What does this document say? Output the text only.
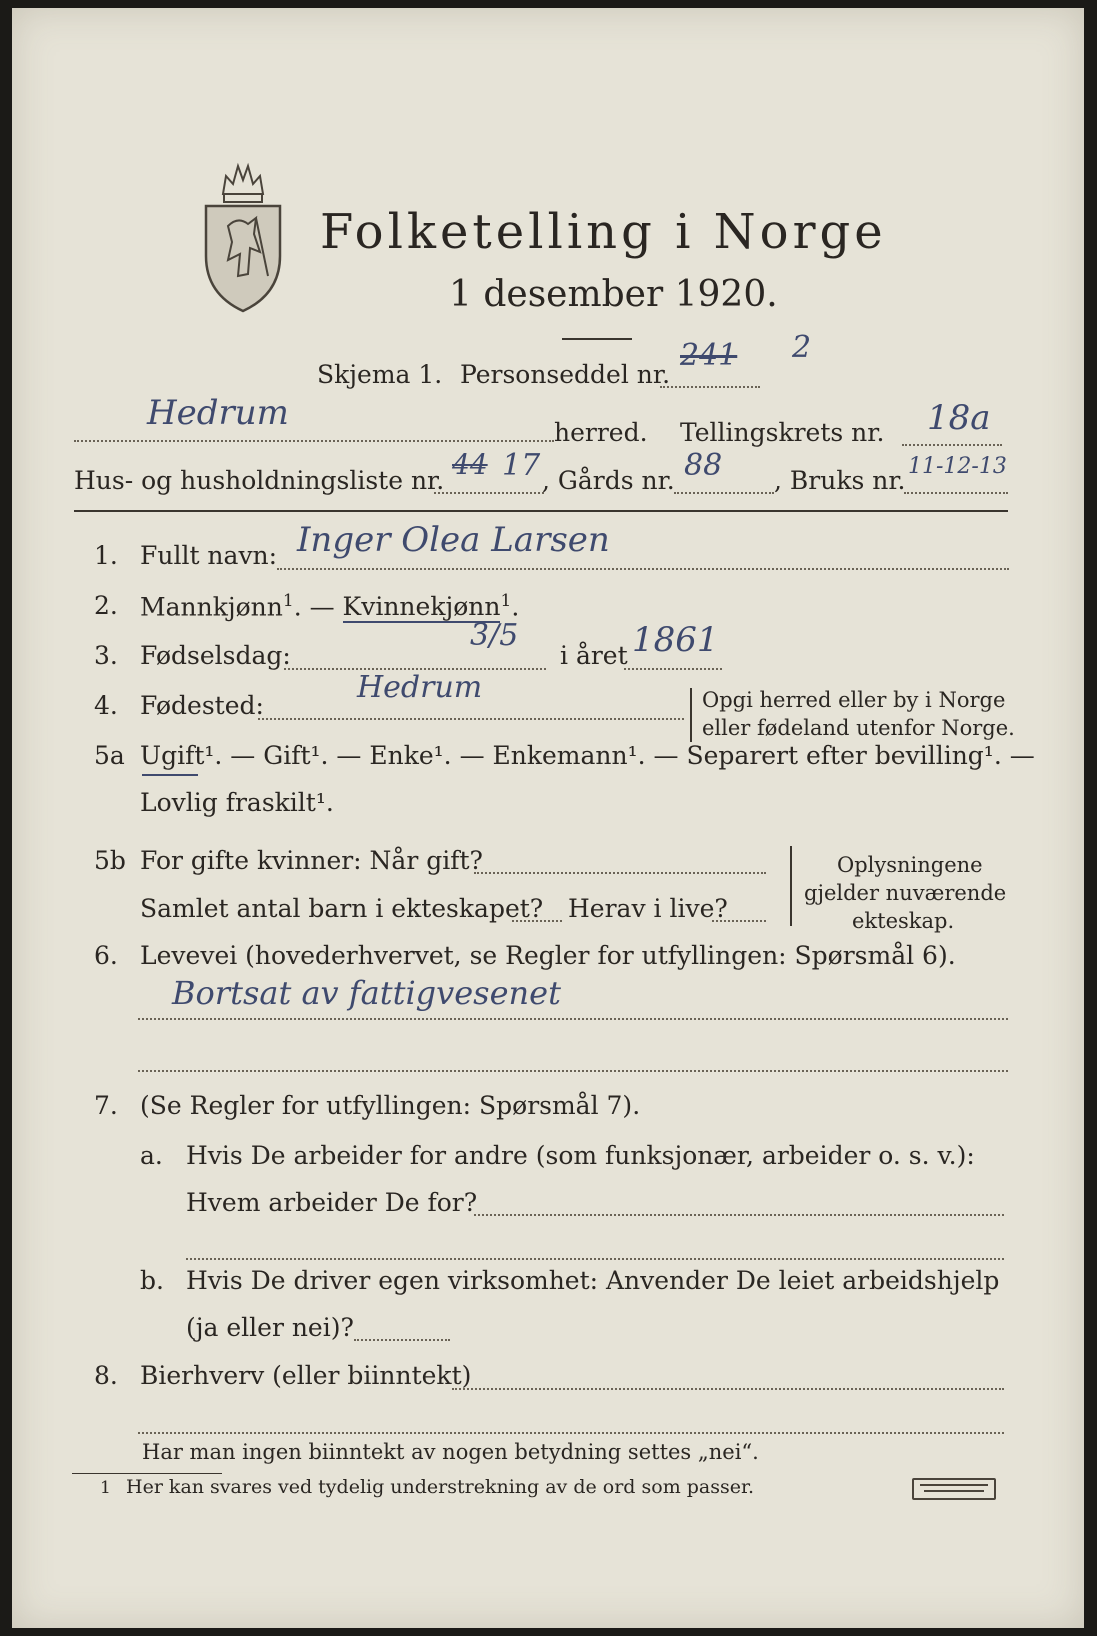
Folketelling i Norge
1 desember 1920.
Skjema 1. Personseddel nr.
241 2
Hedrum	herred. Tellingskrets nr. 18a
Hus- og husholdningsliste nr. 44 17 , Gårds nr. 88 , Bruks nr. 11-12-13
1. Fullt navn: Inger Olea Larsen
2. Mannkjønn$^1$. — Kvinnekjønn$^1$.
3. Fødselsdag:
3/5
i året 1861
4. Fødested:
Hedrum	Opgi herred eller by i Norge
eller fødeland utenfor Norge.
5a Ugift¹. — Gift¹. — Enke¹. — Enkemann¹. — Separert efter bevilling¹. —
Lovlig fraskilt¹.
5b For gifte kvinner: Når gift?
Samlet antal barn i ekteskapet? Herav i live?
Oplysningene
gjelder nuværende
ekteskap.
6. Levevei (hovederhvervet, se Regler for utfyllingen: Spørsmål 6).
Bortsat av fattigvesenet
7. (Se Regler for utfyllingen: Spørsmål 7).
a. Hvis De arbeider for andre (som funksjonær, arbeider o. s. v.):
Hvem arbeider De for?
b. Hvis De driver egen virksomhet: Anvender De leiet arbeidshjelp
(ja eller nei)?
8. Bierhverv (eller biinntekt)
Har man ingen biinntekt av nogen betydning settes „nei“.
1 Her kan svares ved tydelig understrekning av de ord som passer.
